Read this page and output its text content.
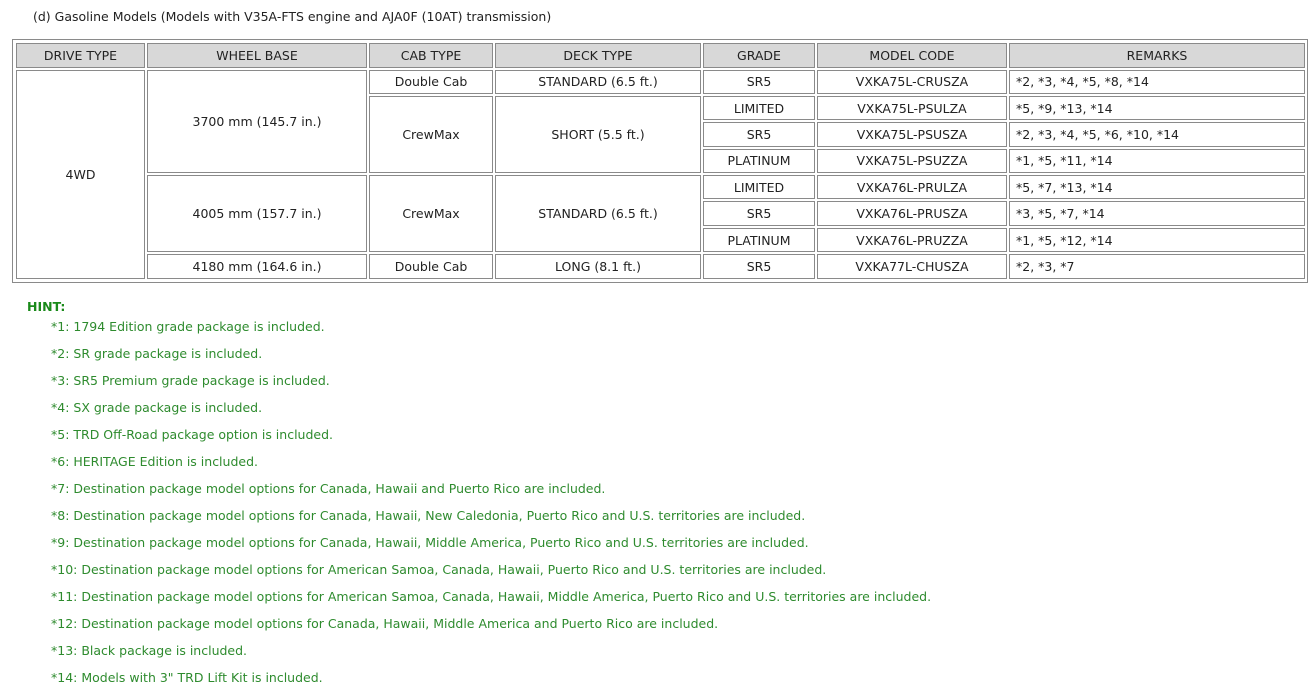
(d) Gasoline Models (Models with V35A-FTS engine and AJA0F (10AT) transmission)
DRIVE TYPE	WHEEL BASE	CAB TYPE	DECK TYPE	GRADE	MODEL CODE	REMARKS
4WD	3700 mm (145.7 in.)	Double Cab	STANDARD (6.5 ft.)	SR5	VXKA75L-CRUSZA	*2, *3, *4, *5, *8, *14
		CrewMax	SHORT (5.5 ft.)	LIMITED	VXKA75L-PSULZA	*5, *9, *13, *14
				SR5	VXKA75L-PSUSZA	*2, *3, *4, *5, *6, *10, *14
				PLATINUM	VXKA75L-PSUZZA	*1, *5, *11, *14
	4005 mm (157.7 in.)	CrewMax	STANDARD (6.5 ft.)	LIMITED	VXKA76L-PRULZA	*5, *7, *13, *14
				SR5	VXKA76L-PRUSZA	*3, *5, *7, *14
				PLATINUM	VXKA76L-PRUZZA	*1, *5, *12, *14
	4180 mm (164.6 in.)	Double Cab	LONG (8.1 ft.)	SR5	VXKA77L-CHUSZA	*2, *3, *7
HINT:
*1: 1794 Edition grade package is included.
*2: SR grade package is included.
*3: SR5 Premium grade package is included.
*4: SX grade package is included.
*5: TRD Off-Road package option is included.
*6: HERITAGE Edition is included.
*7: Destination package model options for Canada, Hawaii and Puerto Rico are included.
*8: Destination package model options for Canada, Hawaii, New Caledonia, Puerto Rico and U.S. territories are included.
*9: Destination package model options for Canada, Hawaii, Middle America, Puerto Rico and U.S. territories are included.
*10: Destination package model options for American Samoa, Canada, Hawaii, Puerto Rico and U.S. territories are included.
*11: Destination package model options for American Samoa, Canada, Hawaii, Middle America, Puerto Rico and U.S. territories are included.
*12: Destination package model options for Canada, Hawaii, Middle America and Puerto Rico are included.
*13: Black package is included.
*14: Models with 3" TRD Lift Kit is included.
